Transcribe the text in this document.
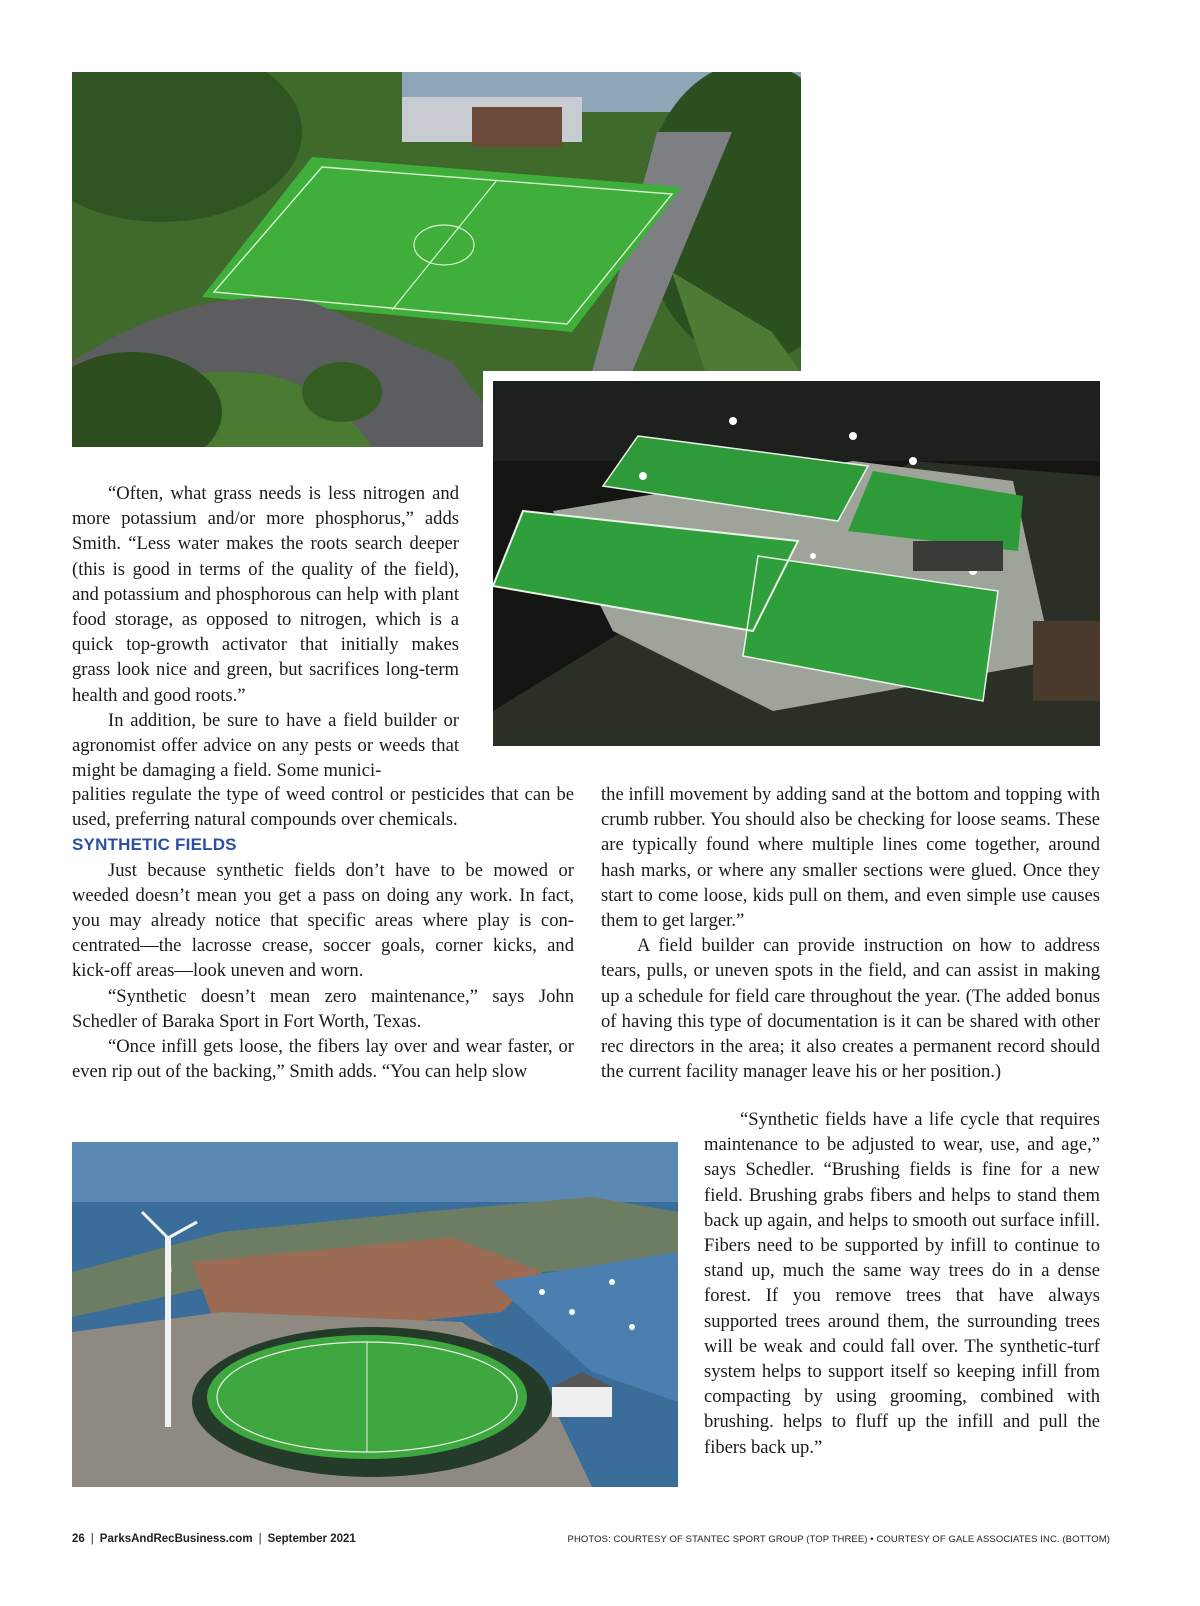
“Often, what grass needs is less nitrogen and more potassium and/or more phosphorus,” adds Smith. “Less water makes the roots search deeper (this is good in terms of the quality of the field), and potassium and phosphorous can help with plant food storage, as opposed to nitrogen, which is a quick top-growth activator that initially makes grass look nice and green, but sacrifices long-term health and good roots.”

In addition, be sure to have a field builder or agronomist offer advice on any pests or weeds that might be damaging a field. Some munici-

palities regulate the type of weed control or pesticides that can be used, preferring natural compounds over chemicals.

SYNTHETIC FIELDS

Just because synthetic fields don’t have to be mowed or weeded doesn’t mean you get a pass on doing any work. In fact, you may already notice that specific areas where play is concentrated—the lacrosse crease, soccer goals, corner kicks, and kick-off areas—look uneven and worn.

“Synthetic doesn’t mean zero maintenance,” says John Schedler of Baraka Sport in Fort Worth, Texas.

“Once infill gets loose, the fibers lay over and wear faster, or even rip out of the backing,” Smith adds. “You can help slow

the infill movement by adding sand at the bottom and topping with crumb rubber. You should also be checking for loose seams. These are typically found where multiple lines come together, around hash marks, or where any smaller sections were glued. Once they start to come loose, kids pull on them, and even simple use causes them to get larger.”

A field builder can provide instruction on how to address tears, pulls, or uneven spots in the field, and can assist in making up a schedule for field care throughout the year. (The added bonus of having this type of documentation is it can be shared with other rec directors in the area; it also creates a permanent record should the current facility manager leave his or her position.)

“Synthetic fields have a life cycle that requires maintenance to be adjusted to wear, use, and age,” says Schedler. “Brushing fields is fine for a new field. Brushing grabs fibers and helps to stand them back up again, and helps to smooth out surface infill. Fibers need to be supported by infill to continue to stand up, much the same way trees do in a dense forest. If you remove trees that have always supported trees around them, the surrounding trees will be weak and could fall over. The synthetic-turf system helps to support itself so keeping infill from compacting by using grooming, combined with brushing. helps to fluff up the infill and pull the fibers back up.”

26 | ParksAndRecBusiness.com | September 2021	PHOTOS: COURTESY OF STANTEC SPORT GROUP (TOP THREE) • COURTESY OF GALE ASSOCIATES INC. (BOTTOM)
